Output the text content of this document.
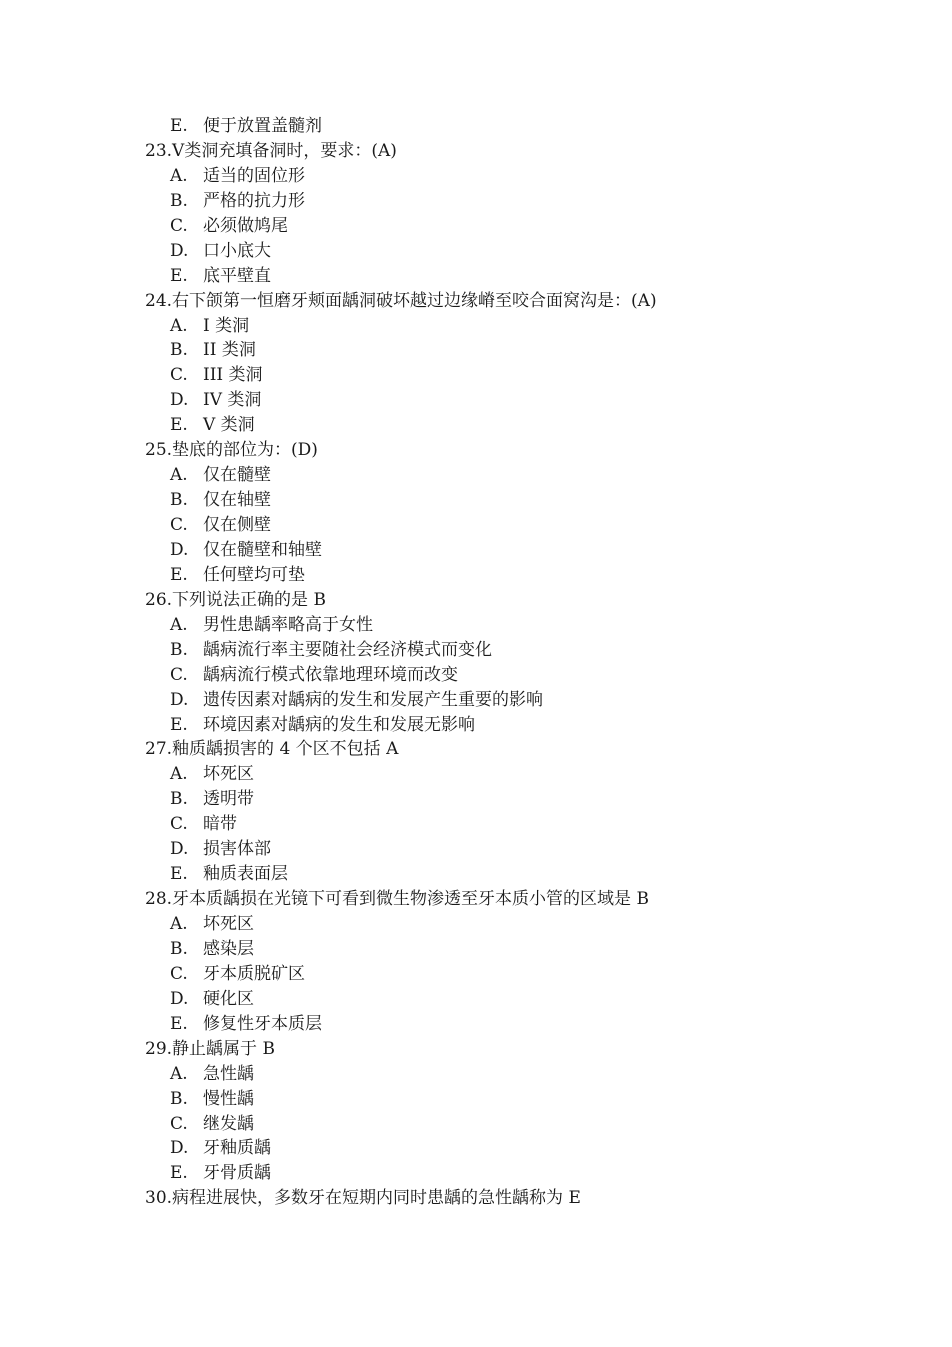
E. 便于放置盖髓剂
23.V类洞充填备洞时，要求：(A)
A. 适当的固位形
B. 严格的抗力形
C. 必须做鸠尾
D. 口小底大
E. 底平壁直
24.右下颌第一恒磨牙颊面龋洞破坏越过边缘嵴至咬合面窝沟是：(A)
A. I 类洞
B. II 类洞
C. III 类洞
D. IV 类洞
E. V 类洞
25.垫底的部位为：(D)
A. 仅在髓壁
B. 仅在轴壁
C. 仅在侧壁
D. 仅在髓壁和轴壁
E. 任何壁均可垫
26.下列说法正确的是 B
A. 男性患龋率略高于女性
B. 龋病流行率主要随社会经济模式而变化
C. 龋病流行模式依靠地理环境而改变
D. 遗传因素对龋病的发生和发展产生重要的影响
E. 环境因素对龋病的发生和发展无影响
27.釉质龋损害的 4 个区不包括 A
A. 坏死区
B. 透明带
C. 暗带
D. 损害体部
E. 釉质表面层
28.牙本质龋损在光镜下可看到微生物渗透至牙本质小管的区域是 B
A. 坏死区
B. 感染层
C. 牙本质脱矿区
D. 硬化区
E. 修复性牙本质层
29.静止龋属于 B
A. 急性龋
B. 慢性龋
C. 继发龋
D. 牙釉质龋
E. 牙骨质龋
30.病程进展快，多数牙在短期内同时患龋的急性龋称为 E
